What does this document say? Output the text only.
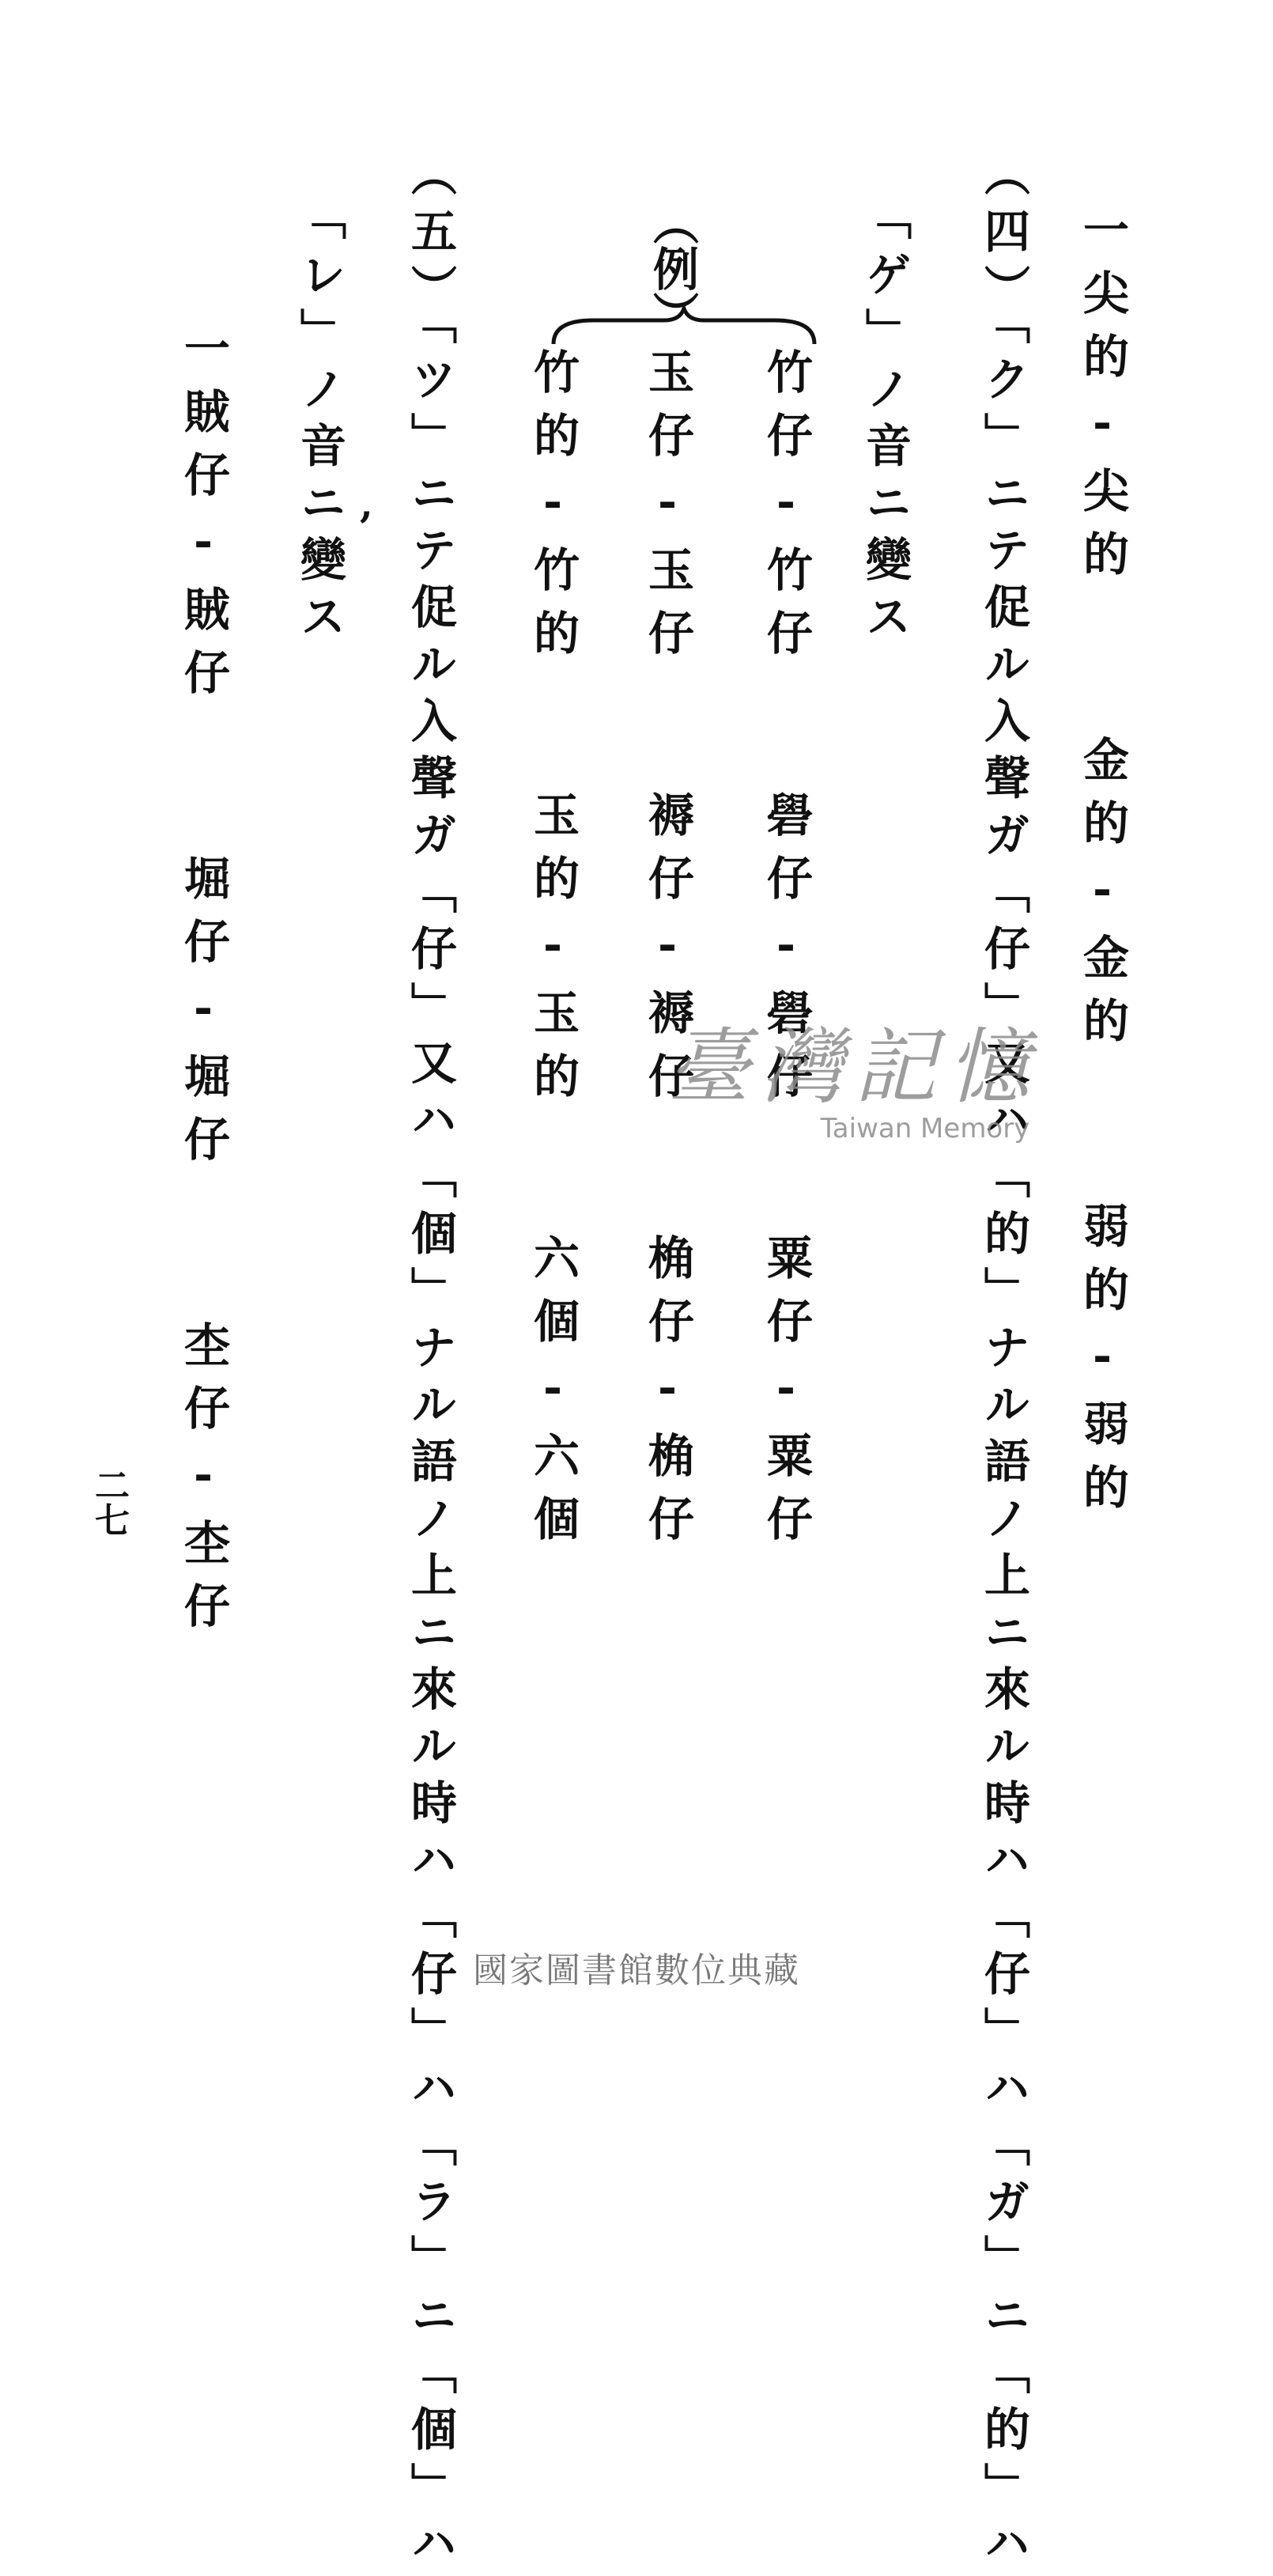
一尖的‐尖的
金的‐金的
弱的‐弱的
（四）「ク」ニテ促ル入聲ガ「仔」又ハ「的」ナル語ノ上ニ來ル時ハ「仔」ハ「ガ」ニ「的」ハ
「ゲ」ノ音ニ變ス
（例）
竹仔‐竹仔
礐仔‐礐仔
粟仔‐粟仔
玉仔‐玉仔
褥仔‐褥仔
桷仔‐桷仔
竹的‐竹的
玉的‐玉的
六個‐六個
（五）「ツ」ニテ促ル入聲ガ「仔」又ハ「個」ナル語ノ上ニ來ル時ハ「仔」ハ「ラ」ニ「個」ハ
,
「レ」ノ音ニ變ス
一賊仔‐賊仔
堀仔‐堀仔
杢仔‐杢仔
二七
臺灣記憶
Taiwan Memory
國家圖書館數位典藏
